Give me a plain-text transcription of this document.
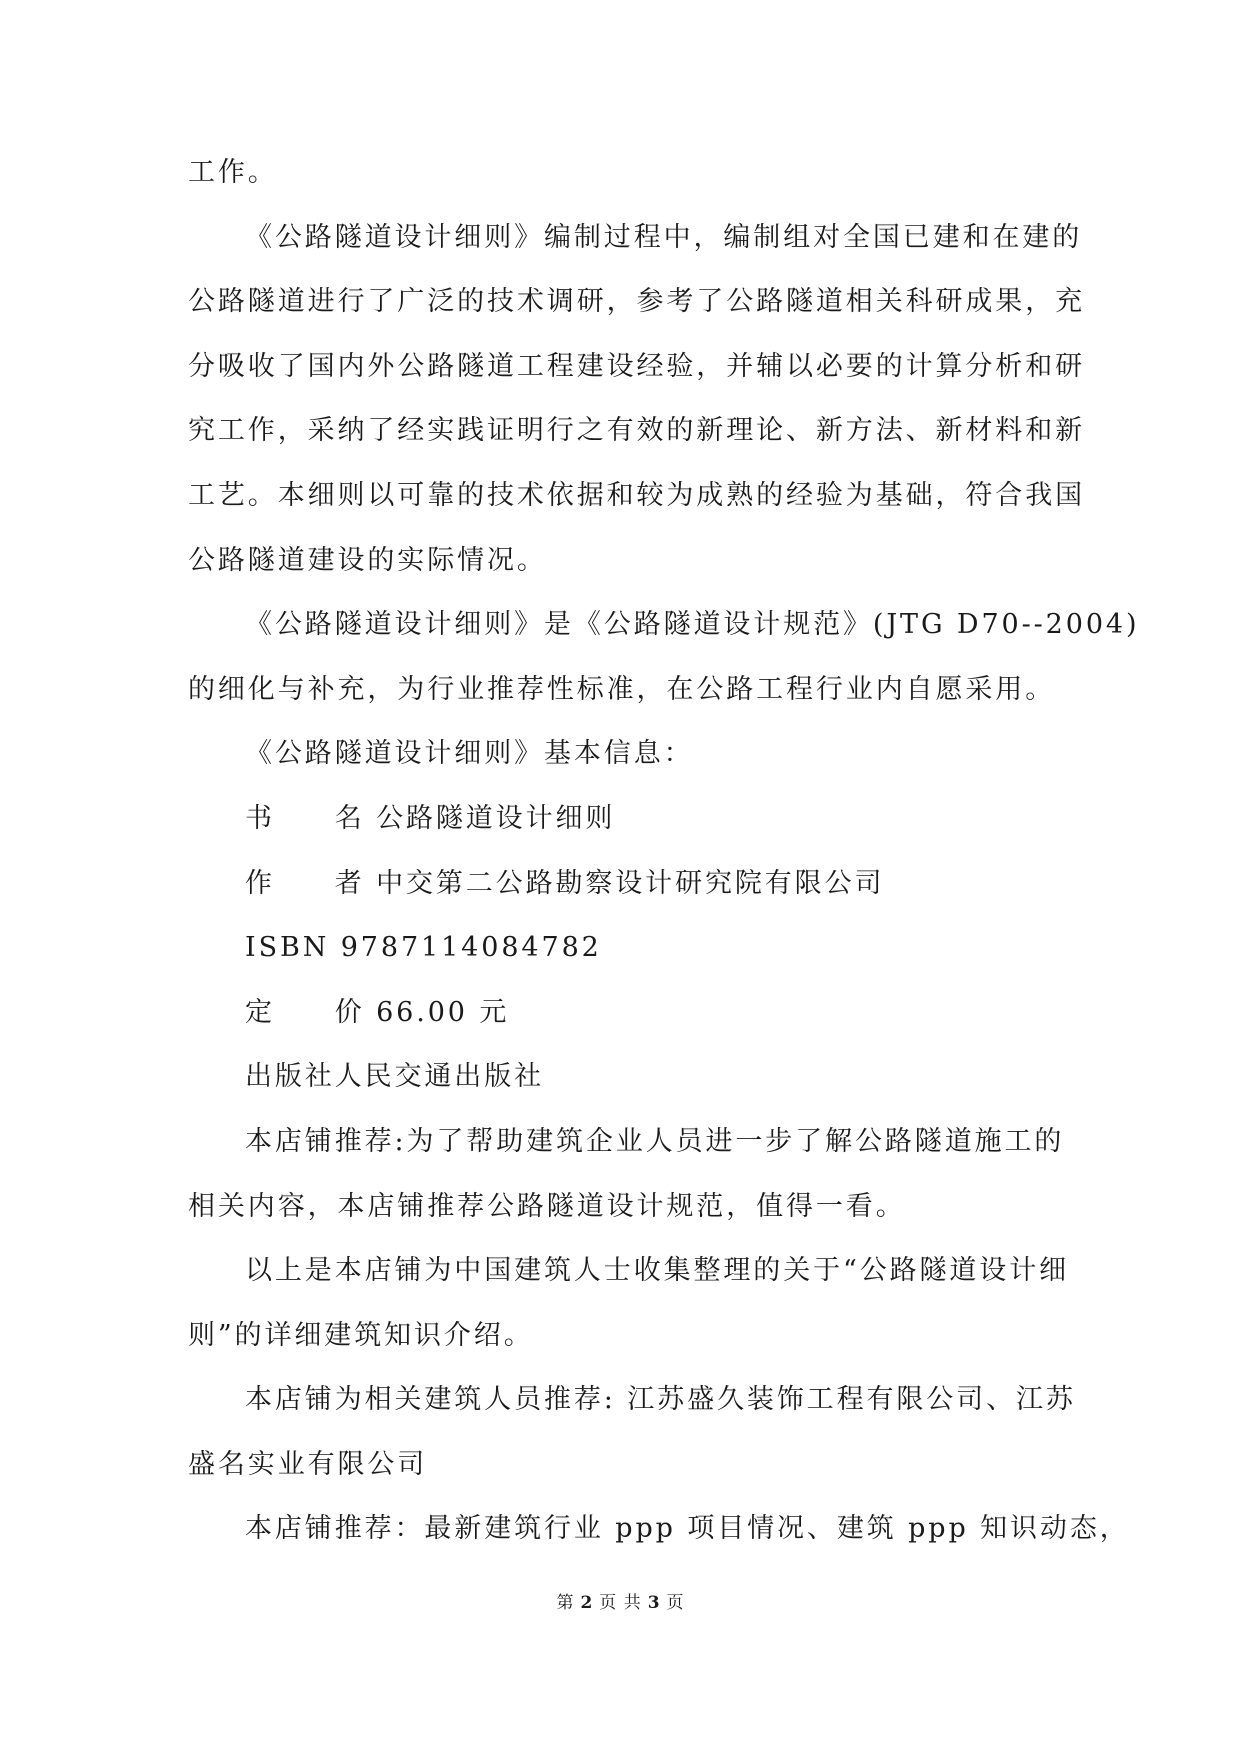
工作。
《公路隧道设计细则》编制过程中，编制组对全国已建和在建的
公路隧道进行了广泛的技术调研，参考了公路隧道相关科研成果，充
分吸收了国内外公路隧道工程建设经验，并辅以必要的计算分析和研
究工作，采纳了经实践证明行之有效的新理论、新方法、新材料和新
工艺。本细则以可靠的技术依据和较为成熟的经验为基础，符合我国
公路隧道建设的实际情况。
《公路隧道设计细则》是《公路隧道设计规范》(JTG D70--2004)
的细化与补充，为行业推荐性标准，在公路工程行业内自愿采用。
《公路隧道设计细则》基本信息：
书　　名 公路隧道设计细则
作　　者 中交第二公路勘察设计研究院有限公司
ISBN 9787114084782
定　　价 66.00 元
出版社人民交通出版社
本店铺推荐:为了帮助建筑企业人员进一步了解公路隧道施工的
相关内容，本店铺推荐公路隧道设计规范，值得一看。
以上是本店铺为中国建筑人士收集整理的关于“公路隧道设计细
则”的详细建筑知识介绍。
本店铺为相关建筑人员推荐: 江苏盛久装饰工程有限公司、江苏
盛名实业有限公司
本店铺推荐：最新建筑行业 ppp 项目情况、建筑 ppp 知识动态，
第 2 页 共 3 页
